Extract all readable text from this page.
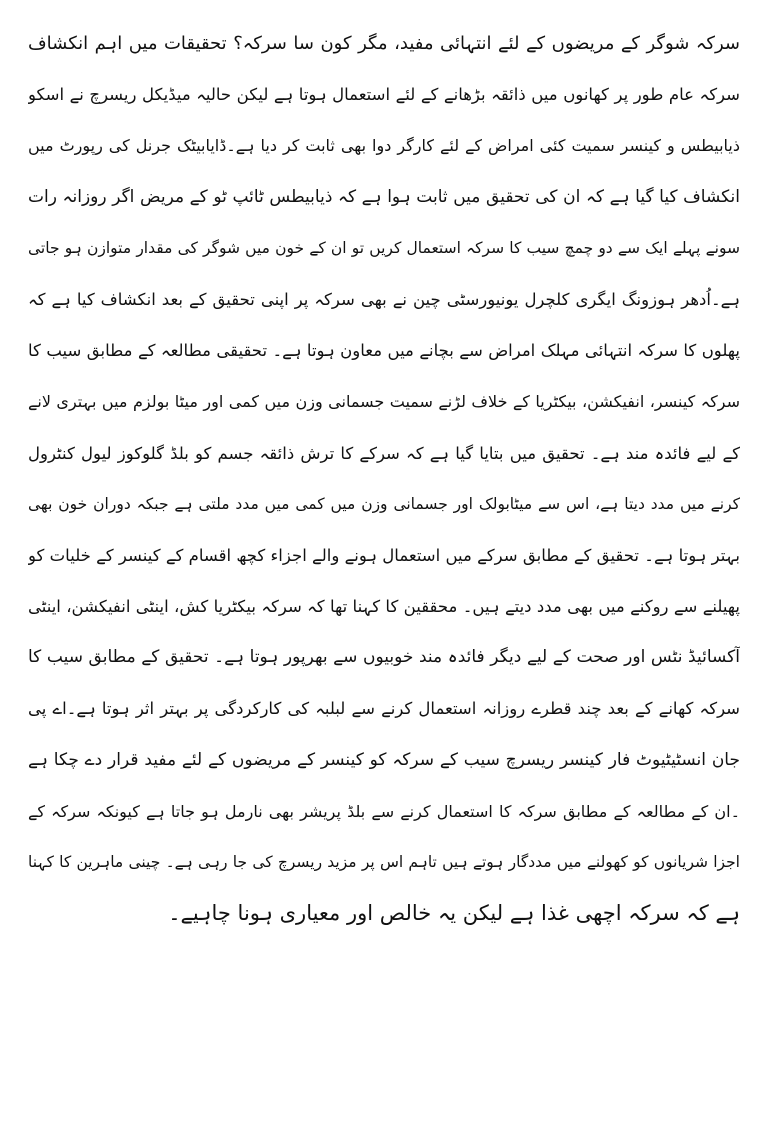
سرکہ شوگر کے مریضوں کے لئے انتہائی مفید، مگر کون سا سرکہ؟ تحقیقات میں اہم انکشاف
سرکہ عام طور پر کھانوں میں ذائقہ بڑھانے کے لئے استعمال ہوتا ہے لیکن حالیہ میڈیکل ریسرچ نے اسکو
ذیابیطس و کینسر سمیت کئی امراض کے لئے کارگر دوا بھی ثابت کر دیا ہے۔ڈایابیٹک جرنل کی رپورٹ میں
انکشاف کیا گیا ہے کہ ان کی تحقیق میں ثابت ہوا ہے کہ ذیابیطس ٹائپ ٹو کے مریض اگر روزانہ رات
سونے پہلے ایک سے دو چمچ سیب کا سرکہ استعمال کریں تو ان کے خون میں شوگر کی مقدار متوازن ہو جاتی
ہے۔اُدھر ہوزونگ ایگری کلچرل یونیورسٹی چین نے بھی سرکہ پر اپنی تحقیق کے بعد انکشاف کیا ہے کہ
پھلوں کا سرکہ انتہائی مہلک امراض سے بچانے میں معاون ہوتا ہے۔ تحقیقی مطالعہ کے مطابق سیب کا
سرکہ کینسر، انفیکشن، بیکٹریا کے خلاف لڑنے سمیت جسمانی وزن میں کمی اور میٹا بولزم میں بہتری لانے
کے لیے فائدہ مند ہے۔ تحقیق میں بتایا گیا ہے کہ سرکے کا ترش ذائقہ جسم کو بلڈ گلوکوز لیول کنٹرول
کرنے میں مدد دیتا ہے، اس سے میٹابولک اور جسمانی وزن میں کمی میں مدد ملتی ہے جبکہ دوران خون بھی
بہتر ہوتا ہے۔ تحقیق کے مطابق سرکے میں استعمال ہونے والے اجزاء کچھ اقسام کے کینسر کے خلیات کو
پھیلنے سے روکنے میں بھی مدد دیتے ہیں۔ محققین کا کہنا تھا کہ سرکہ بیکٹریا کش، اینٹی انفیکشن، اینٹی
آکسائیڈ نٹس اور صحت کے لیے دیگر فائدہ مند خوبیوں سے بھرپور ہوتا ہے۔ تحقیق کے مطابق سیب کا
سرکہ کھانے کے بعد چند قطرے روزانہ استعمال کرنے سے لبلبہ کی کارکردگی پر بہتر اثر ہوتا ہے۔اے پی
جان انسٹیٹیوٹ فار کینسر ریسرچ سیب کے سرکہ کو کینسر کے مریضوں کے لئے مفید قرار دے چکا ہے
۔ان کے مطالعہ کے مطابق سرکہ کا استعمال کرنے سے بلڈ پریشر بھی نارمل ہو جاتا ہے کیونکہ سرکہ کے
اجزا شریانوں کو کھولنے میں مددگار ہوتے ہیں تاہم اس پر مزید ریسرچ کی جا رہی ہے۔ چینی ماہرین کا کہنا
ہے کہ سرکہ اچھی غذا ہے لیکن یہ خالص اور معیاری ہونا چاہیے۔
